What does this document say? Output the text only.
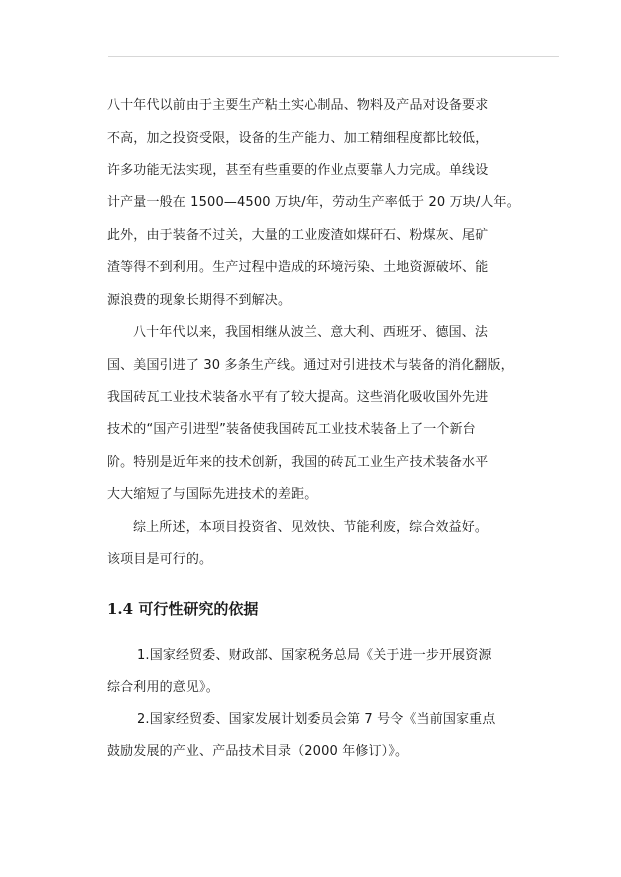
八十年代以前由于主要生产粘土实心制品、物料及产品对设备要求
不高，加之投资受限，设备的生产能力、加工精细程度都比较低，
许多功能无法实现，甚至有些重要的作业点要靠人力完成。单线设
计产量一般在 1500—4500 万块/年，劳动生产率低于 20 万块/人年。
此外，由于装备不过关，大量的工业废渣如煤矸石、粉煤灰、尾矿
渣等得不到利用。生产过程中造成的环境污染、土地资源破坏、能
源浪费的现象长期得不到解决。
八十年代以来，我国相继从波兰、意大利、西班牙、德国、法
国、美国引进了 30 多条生产线。通过对引进技术与装备的消化翻版，
我国砖瓦工业技术装备水平有了较大提高。这些消化吸收国外先进
技术的“国产引进型”装备使我国砖瓦工业技术装备上了一个新台
阶。特别是近年来的技术创新，我国的砖瓦工业生产技术装备水平
大大缩短了与国际先进技术的差距。
综上所述，本项目投资省、见效快、节能利废，综合效益好。
该项目是可行的。
1.4 可行性研究的依据
1.国家经贸委、财政部、国家税务总局《关于进一步开展资源
综合利用的意见》。
2.国家经贸委、国家发展计划委员会第 7 号令《当前国家重点
鼓励发展的产业、产品技术目录（2000 年修订）》。
